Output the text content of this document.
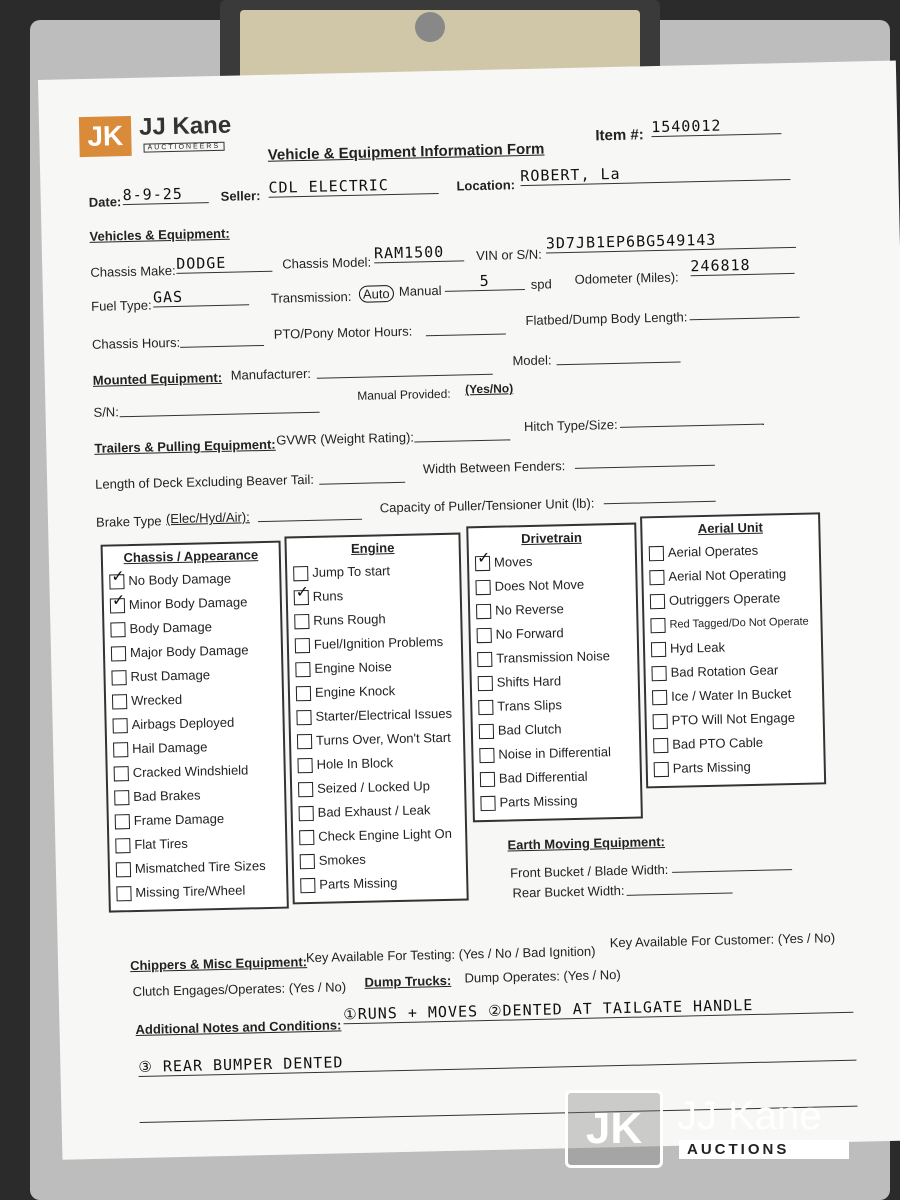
JK JJ Kane
AUCTIONEERS	Vehicle & Equipment Information Form
Item #: 1540012
Date: 8-9-25	Seller: CDL ELECTRIC	Location:
ROBERT, La
Vehicles & Equipment:
Chassis Make: DODGE	Chassis Model:
RAM1500	VIN or S/N:
3D7JB1EP6BG549143
Fuel Type: GAS	Transmission: Auto Manual
5	spd Odometer (Miles):
246818
Chassis Hours:
PTO/Pony Motor Hours:
Flatbed/Dump Body Length:
Mounted Equipment: Manufacturer:
Model:
S/N:
Manual Provided: (Yes/No)
Trailers & Pulling Equipment: GVWR (Weight Rating):
Hitch Type/Size:
Length of Deck Excluding Beaver Tail:
Width Between Fenders:
Brake Type (Elec/Hyd/Air):
Capacity of Puller/Tensioner Unit (lb):
Chassis / Appearance
✓No Body Damage
✓Minor Body Damage
Body Damage
Major Body Damage
Rust Damage
Wrecked
Airbags Deployed
Hail Damage
Cracked Windshield
Bad Brakes
Frame Damage
Flat Tires
Mismatched Tire Sizes
Missing Tire/Wheel
Engine
Jump To start
✓Runs
Runs Rough
Fuel/Ignition Problems
Engine Noise
Engine Knock
Starter/Electrical Issues
Turns Over, Won't Start
Hole In Block
Seized / Locked Up
Bad Exhaust / Leak
Check Engine Light On
Smokes
Parts Missing
Drivetrain
✓Moves
Does Not Move
No Reverse
No Forward
Transmission Noise
Shifts Hard
Trans Slips
Bad Clutch
Noise in Differential
Bad Differential
Parts Missing
Aerial Unit
Aerial Operates
Aerial Not Operating
Outriggers Operate
Red Tagged/Do Not Operate
Hyd Leak
Bad Rotation Gear
Ice / Water In Bucket
PTO Will Not Engage
Bad PTO Cable
Parts Missing
Earth Moving Equipment:
Front Bucket / Blade Width:
Rear Bucket Width:
Chippers & Misc Equipment:
Key Available For Testing: (Yes / No / Bad Ignition)
Key Available For Customer: (Yes / No)
Clutch Engages/Operates: (Yes / No) Dump Trucks: Dump Operates: (Yes / No)
Additional Notes and Conditions:
①RUNS + MOVES ②DENTED AT TAILGATE HANDLE
③ REAR BUMPER DENTED
JK JJ Kane
AUCTIONS
